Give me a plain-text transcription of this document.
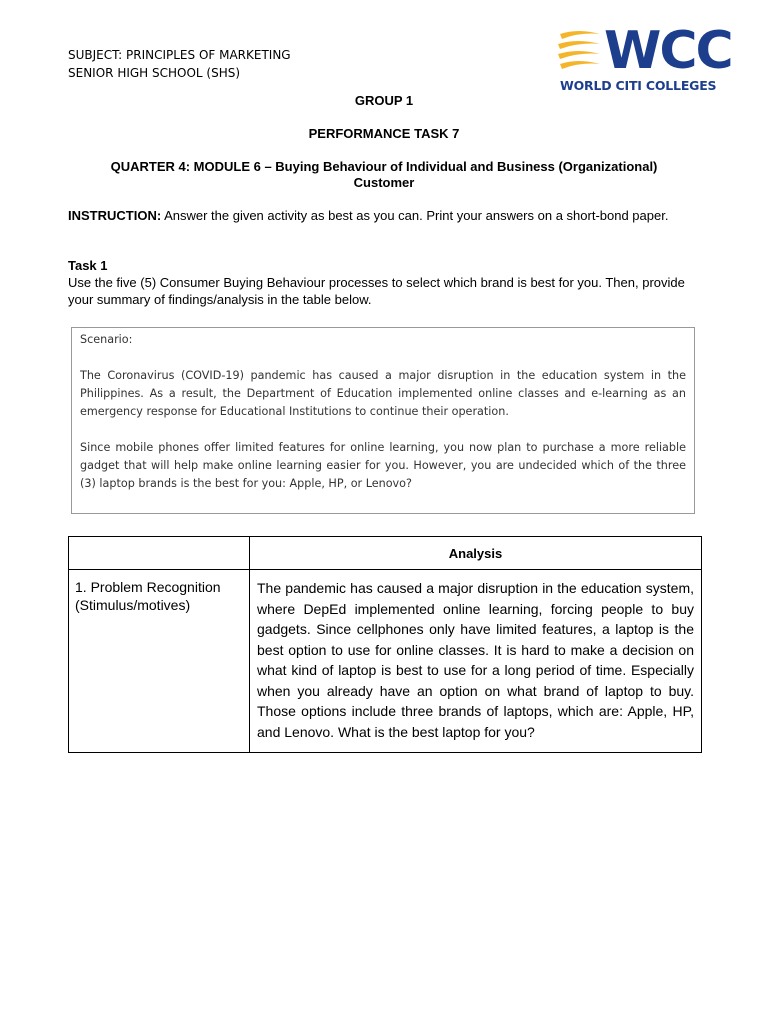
SUBJECT: PRINCIPLES OF MARKETING
SENIOR HIGH SCHOOL (SHS)	WCC
WORLD CITI COLLEGES
GROUP 1
PERFORMANCE TASK 7
QUARTER 4: MODULE 6 – Buying Behaviour of Individual and Business (Organizational) Customer
INSTRUCTION: Answer the given activity as best as you can. Print your answers on a short-bond paper.
Task 1
Use the five (5) Consumer Buying Behaviour processes to select which brand is best for you. Then, provide your summary of findings/analysis in the table below.

Scenario:

The Coronavirus (COVID-19) pandemic has caused a major disruption in the education system in the Philippines. As a result, the Department of Education implemented online classes and e-learning as an emergency response for Educational Institutions to continue their operation.

Since mobile phones offer limited features for online learning, you now plan to purchase a more reliable gadget that will help make online learning easier for you. However, you are undecided which of the three (3) laptop brands is the best for you: Apple, HP, or Lenovo?

	Analysis
1. Problem Recognition (Stimulus/motives)	The pandemic has caused a major disruption in the education system, where DepEd implemented online learning, forcing people to buy gadgets. Since cellphones only have limited features, a laptop is the best option to use for online classes. It is hard to make a decision on what kind of laptop is best to use for a long period of time. Especially when you already have an option on what brand of laptop to buy. Those options include three brands of laptops, which are: Apple, HP, and Lenovo. What is the best laptop for you?
